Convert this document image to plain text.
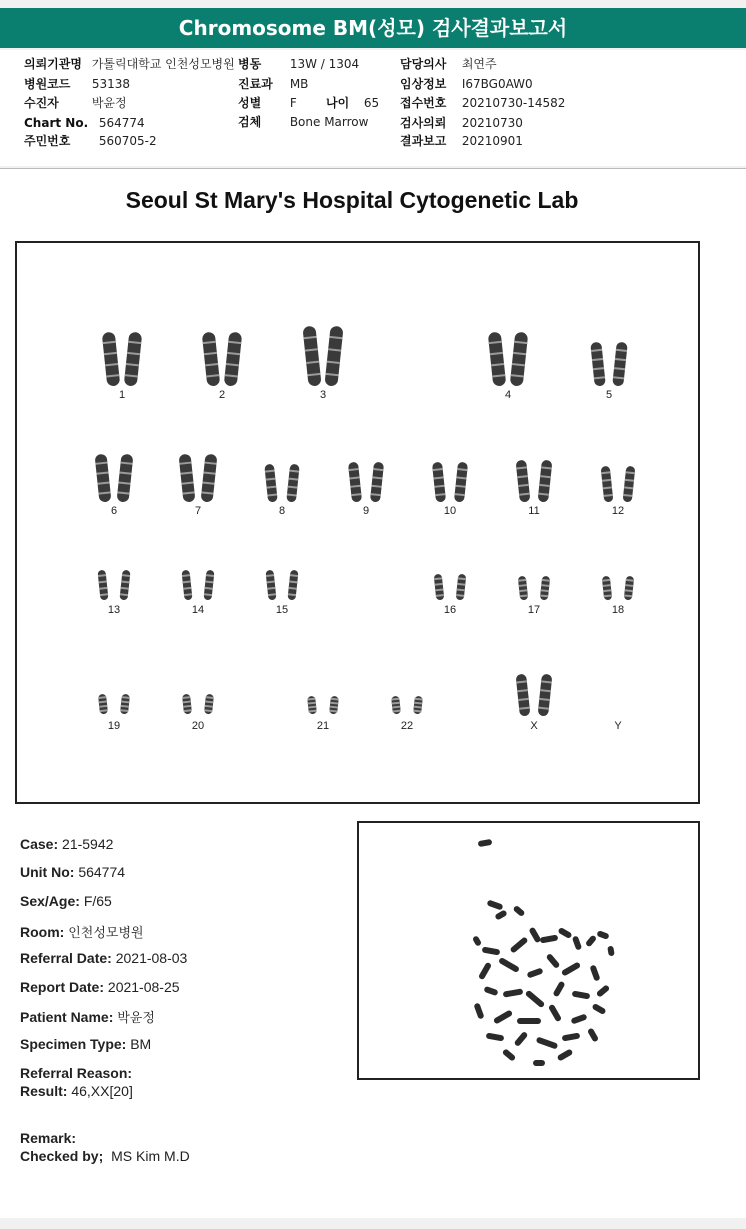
Chromosome BM(성모) 검사결과보고서
의뢰기관명 가톨릭대학교 인천성모병원
병원코드 53138
수진자	박윤정
Chart No. 564774
주민번호 560705-2
병동 13W / 1304
진료과 MB
성별 F 나이 65
검체 Bone Marrow
담당의사 최연주
임상정보 I67BG0AW0
접수번호 20210730-14582
검사의뢰 20210730
결과보고 20210901
Seoul St Mary's Hospital Cytogenetic Lab
1	2	3	4	5
6	7	8	9	10	11	12
13	14	15	16	17	18
19	20	21	22	X	Y
Case: 21-5942
Unit No: 564774
Sex/Age: F/65
Room: 인천성모병원
Referral Date: 2021-08-03
Report Date: 2021-08-25
Patient Name: 박윤정
Specimen Type: BM
Referral Reason:
Result: 46,XX[20]
Remark:
Checked by; MS Kim M.D
